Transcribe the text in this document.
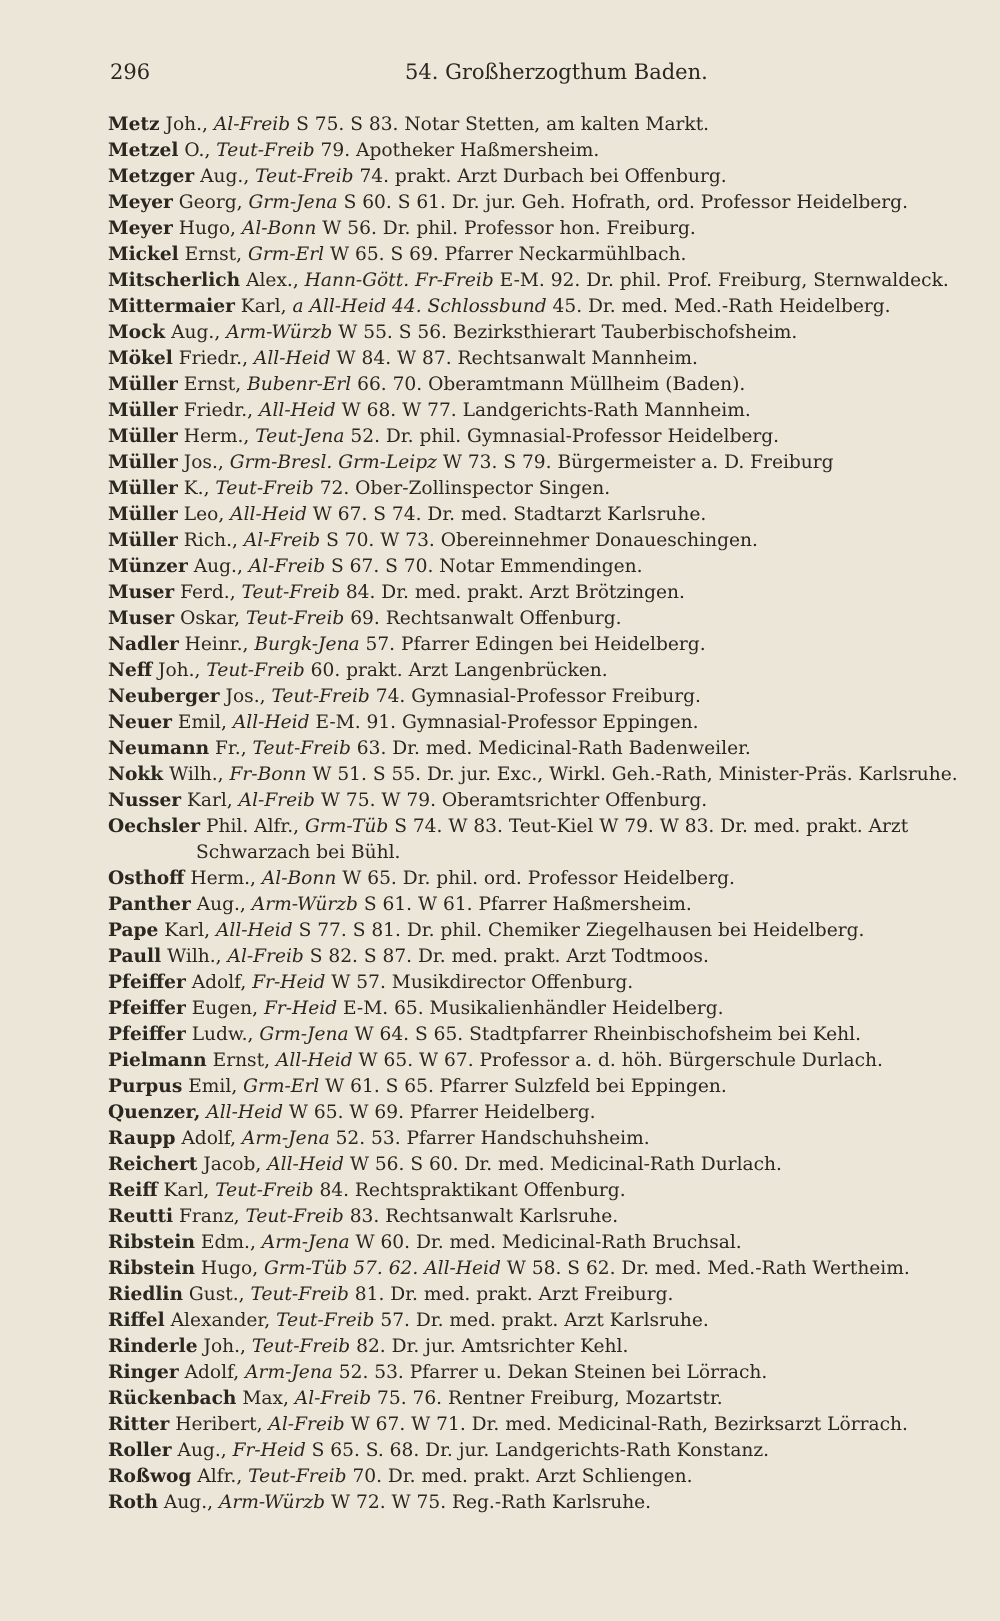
296	54. Großherzogthum Baden.
Metz Joh., Al-Freib S 75. S 83. Notar Stetten, am kalten Markt.
Metzel O., Teut-Freib 79. Apotheker Haßmersheim.
Metzger Aug., Teut-Freib 74. prakt. Arzt Durbach bei Offenburg.
Meyer Georg, Grm-Jena S 60. S 61. Dr. jur. Geh. Hofrath, ord. Professor Heidelberg.
Meyer Hugo, Al-Bonn W 56. Dr. phil. Professor hon. Freiburg.
Mickel Ernst, Grm-Erl W 65. S 69. Pfarrer Neckarmühlbach.
Mitscherlich Alex., Hann-Gött. Fr-Freib E-M. 92. Dr. phil. Prof. Freiburg, Sternwaldeck.
Mittermaier Karl, a All-Heid 44. Schlossbund 45. Dr. med. Med.-Rath Heidelberg.
Mock Aug., Arm-Würzb W 55. S 56. Bezirksthierart Tauberbischofsheim.
Mökel Friedr., All-Heid W 84. W 87. Rechtsanwalt Mannheim.
Müller Ernst, Bubenr-Erl 66. 70. Oberamtmann Müllheim (Baden).
Müller Friedr., All-Heid W 68. W 77. Landgerichts-Rath Mannheim.
Müller Herm., Teut-Jena 52. Dr. phil. Gymnasial-Professor Heidelberg.
Müller Jos., Grm-Bresl. Grm-Leipz W 73. S 79. Bürgermeister a. D. Freiburg
Müller K., Teut-Freib 72. Ober-Zollinspector Singen.
Müller Leo, All-Heid W 67. S 74. Dr. med. Stadtarzt Karlsruhe.
Müller Rich., Al-Freib S 70. W 73. Obereinnehmer Donaueschingen.
Münzer Aug., Al-Freib S 67. S 70. Notar Emmendingen.
Muser Ferd., Teut-Freib 84. Dr. med. prakt. Arzt Brötzingen.
Muser Oskar, Teut-Freib 69. Rechtsanwalt Offenburg.
Nadler Heinr., Burgk-Jena 57. Pfarrer Edingen bei Heidelberg.
Neff Joh., Teut-Freib 60. prakt. Arzt Langenbrücken.
Neuberger Jos., Teut-Freib 74. Gymnasial-Professor Freiburg.
Neuer Emil, All-Heid E-M. 91. Gymnasial-Professor Eppingen.
Neumann Fr., Teut-Freib 63. Dr. med. Medicinal-Rath Badenweiler.
Nokk Wilh., Fr-Bonn W 51. S 55. Dr. jur. Exc., Wirkl. Geh.-Rath, Minister-Präs. Karlsruhe.
Nusser Karl, Al-Freib W 75. W 79. Oberamtsrichter Offenburg.
Oechsler Phil. Alfr., Grm-Tüb S 74. W 83. Teut-Kiel W 79. W 83. Dr. med. prakt. Arzt
Schwarzach bei Bühl.
Osthoff Herm., Al-Bonn W 65. Dr. phil. ord. Professor Heidelberg.
Panther Aug., Arm-Würzb S 61. W 61. Pfarrer Haßmersheim.
Pape Karl, All-Heid S 77. S 81. Dr. phil. Chemiker Ziegelhausen bei Heidelberg.
Paull Wilh., Al-Freib S 82. S 87. Dr. med. prakt. Arzt Todtmoos.
Pfeiffer Adolf, Fr-Heid W 57. Musikdirector Offenburg.
Pfeiffer Eugen, Fr-Heid E-M. 65. Musikalienhändler Heidelberg.
Pfeiffer Ludw., Grm-Jena W 64. S 65. Stadtpfarrer Rheinbischofsheim bei Kehl.
Pielmann Ernst, All-Heid W 65. W 67. Professor a. d. höh. Bürgerschule Durlach.
Purpus Emil, Grm-Erl W 61. S 65. Pfarrer Sulzfeld bei Eppingen.
Quenzer, All-Heid W 65. W 69. Pfarrer Heidelberg.
Raupp Adolf, Arm-Jena 52. 53. Pfarrer Handschuhsheim.
Reichert Jacob, All-Heid W 56. S 60. Dr. med. Medicinal-Rath Durlach.
Reiff Karl, Teut-Freib 84. Rechtspraktikant Offenburg.
Reutti Franz, Teut-Freib 83. Rechtsanwalt Karlsruhe.
Ribstein Edm., Arm-Jena W 60. Dr. med. Medicinal-Rath Bruchsal.
Ribstein Hugo, Grm-Tüb 57. 62. All-Heid W 58. S 62. Dr. med. Med.-Rath Wertheim.
Riedlin Gust., Teut-Freib 81. Dr. med. prakt. Arzt Freiburg.
Riffel Alexander, Teut-Freib 57. Dr. med. prakt. Arzt Karlsruhe.
Rinderle Joh., Teut-Freib 82. Dr. jur. Amtsrichter Kehl.
Ringer Adolf, Arm-Jena 52. 53. Pfarrer u. Dekan Steinen bei Lörrach.
Rückenbach Max, Al-Freib 75. 76. Rentner Freiburg, Mozartstr.
Ritter Heribert, Al-Freib W 67. W 71. Dr. med. Medicinal-Rath, Bezirksarzt Lörrach.
Roller Aug., Fr-Heid S 65. S. 68. Dr. jur. Landgerichts-Rath Konstanz.
Roßwog Alfr., Teut-Freib 70. Dr. med. prakt. Arzt Schliengen.
Roth Aug., Arm-Würzb W 72. W 75. Reg.-Rath Karlsruhe.
